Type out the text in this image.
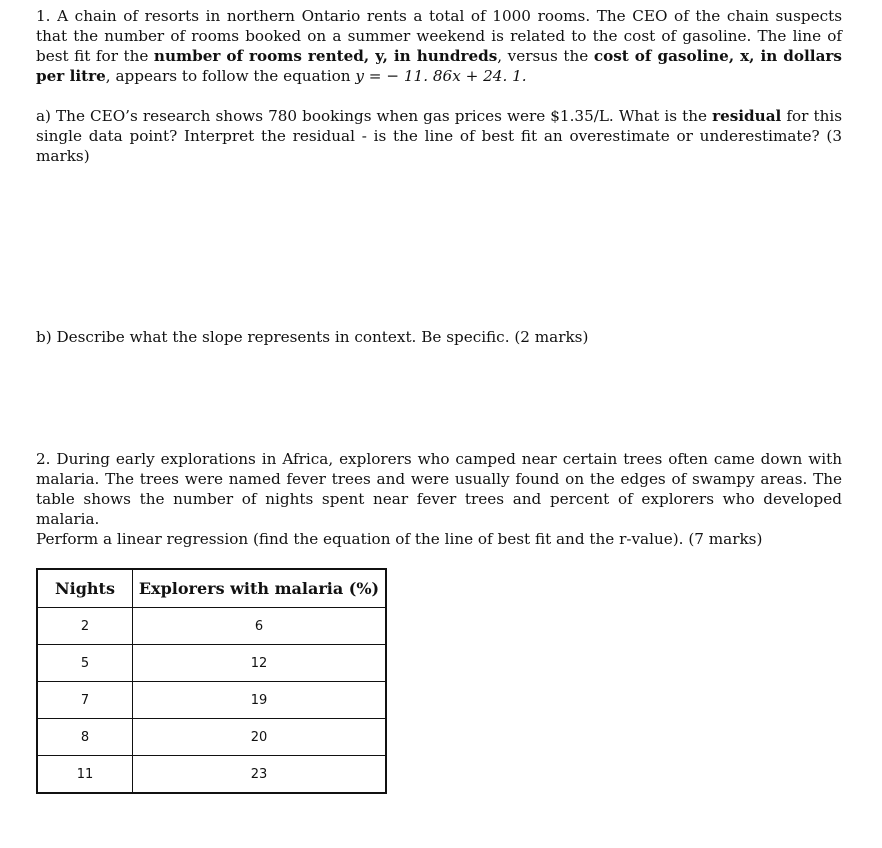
1. A chain of resorts in northern Ontario rents a total of 1000 rooms. The CEO of the chain suspects that the number of rooms booked on a summer weekend is related to the cost of gasoline. The line of best fit for the number of rooms rented, y, in hundreds, versus the cost of gasoline, x, in dollars per litre, appears to follow the equation y = − 11. 86x + 24. 1.
a) The CEO’s research shows 780 bookings when gas prices were $1.35/L. What is the residual for this single data point? Interpret the residual - is the line of best fit an overestimate or underestimate? (3 marks)
b) Describe what the slope represents in context. Be specific. (2 marks)
2. During early explorations in Africa, explorers who camped near certain trees often came down with malaria. The trees were named fever trees and were usually found on the edges of swampy areas. The table shows the number of nights spent near fever trees and percent of explorers who developed malaria.
Perform a linear regression (find the equation of the line of best fit and the r-value). (7 marks)
Nights	Explorers with malaria (%)
2	6
5	12
7	19
8	20
11	23
